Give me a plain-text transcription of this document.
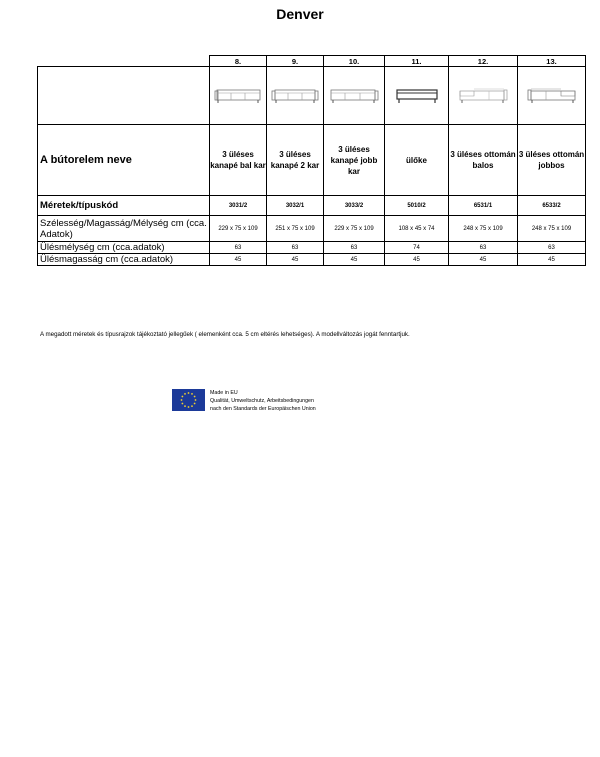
Denver
	8.	9.	10.	11.	12.	13.

A bútorelem neve	3 üléses kanapé bal kar	3 üléses kanapé 2 kar	3 üléses kanapé jobb kar	ülőke	3 üléses ottomán balos	3 üléses ottomán jobbos
Méretek/típuskód	3031/2	3032/1	3033/2	5010/2	6531/1	6533/2
Szélesség/Magasság/Mélység cm (cca. Adatok)	229 x 75 x 109	251 x 75 x 109	229 x 75 x 109	108 x 45 x 74	248 x 75 x 109	248 x 75 x 109
Ülésmélység cm (cca.adatok)	63	63	63	74	63	63
Ülésmagasság cm (cca.adatok)	45	45	45	45	45	45
A megadott méretek és típusrajzok tájékoztató jellegűek ( elemenként cca. 5 cm eltérés lehetséges). A modellváltozás jogát fenntartjuk.
Made in EU
Qualität, Umweltschutz, Arbeitsbedingungen
nach den Standards der Europäischen Union
